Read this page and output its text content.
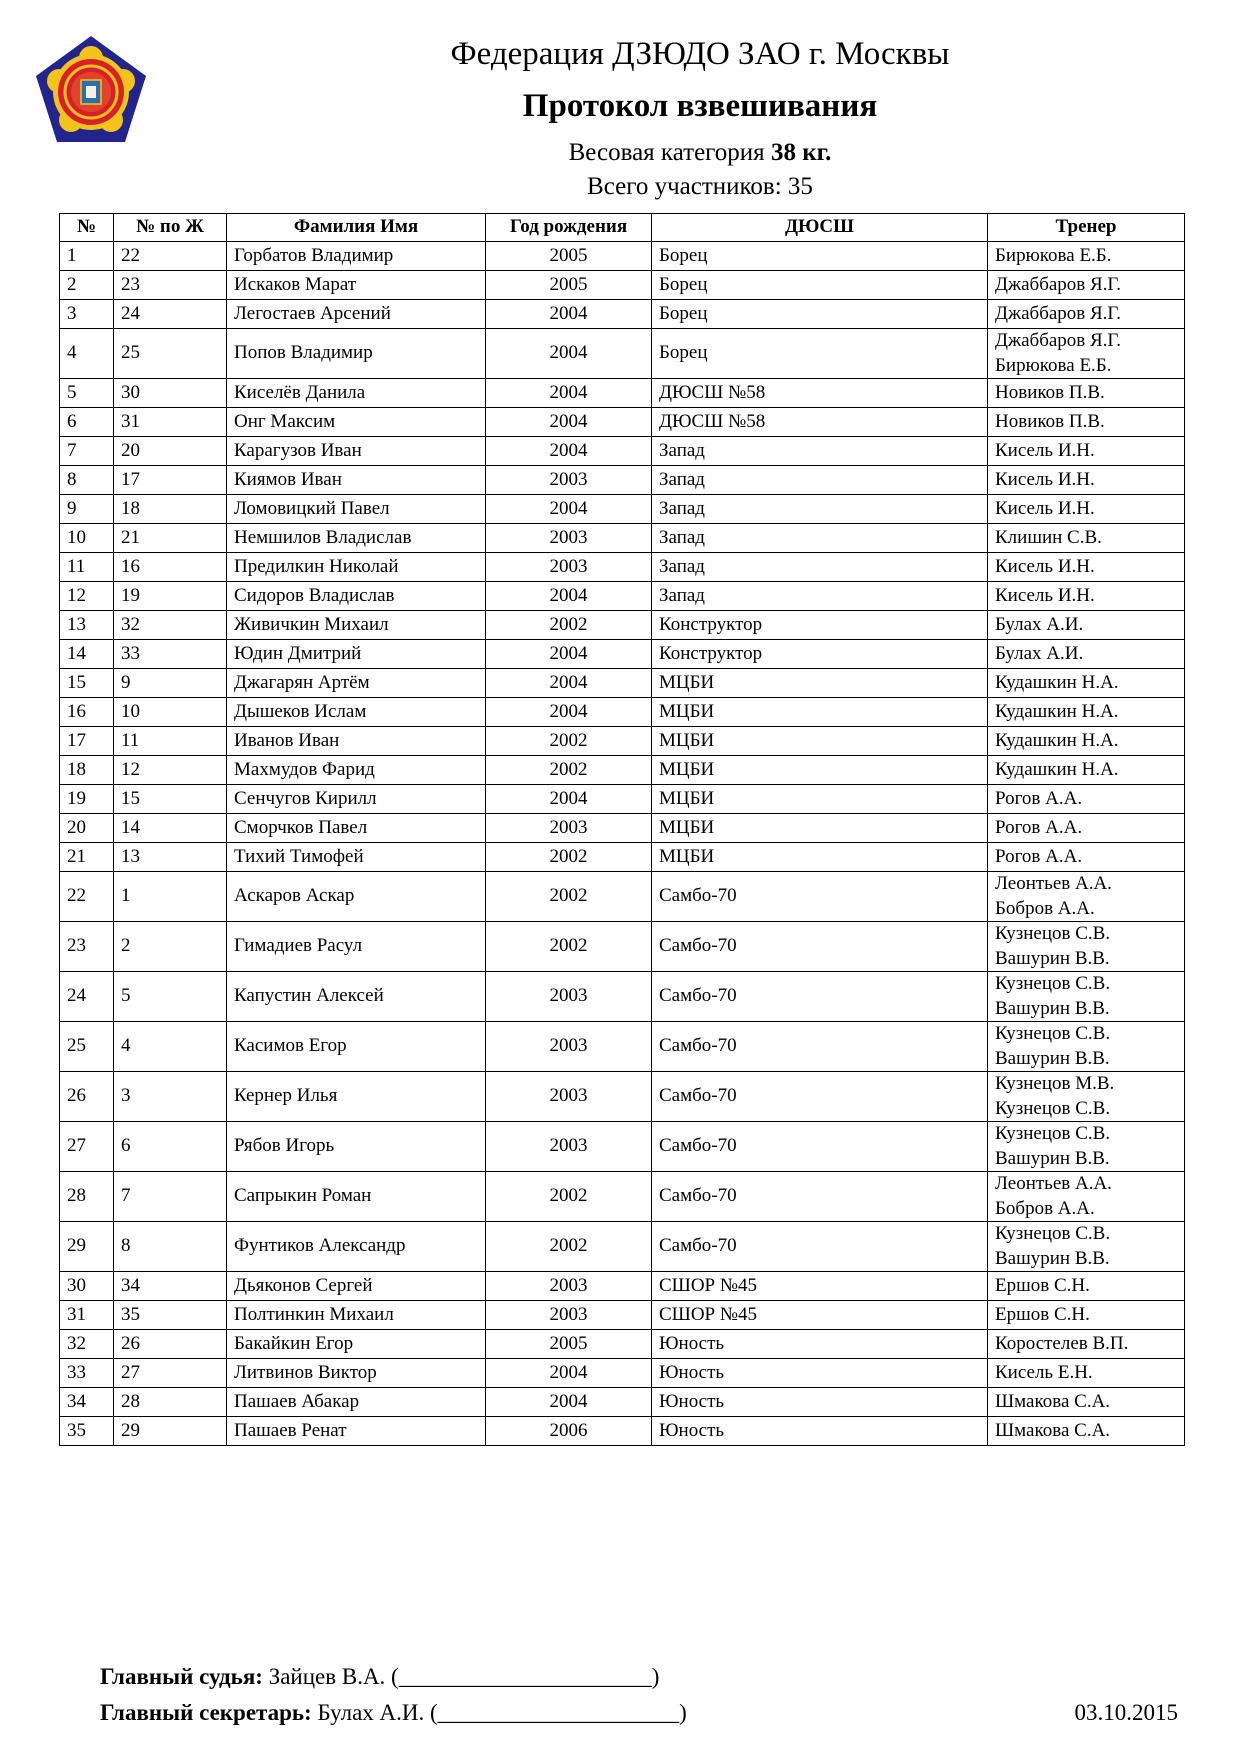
Федерация ДЗЮДО ЗАО г. Москвы
Протокол взвешивания
Весовая категория 38 кг.
Всего участников: 35
№	№ по Ж	Фамилия Имя	Год рождения	ДЮСШ	Тренер
1	22	Горбатов Владимир	2005	Борец	Бирюкова Е.Б.
2	23	Искаков Марат	2005	Борец	Джаббаров Я.Г.
3	24	Легостаев Арсений	2004	Борец	Джаббаров Я.Г.
4	25	Попов Владимир	2004	Борец	Джаббаров Я.Г.
Бирюкова Е.Б.
5	30	Киселёв Данила	2004	ДЮСШ №58	Новиков П.В.
6	31	Онг Максим	2004	ДЮСШ №58	Новиков П.В.
7	20	Карагузов Иван	2004	Запад	Кисель И.Н.
8	17	Киямов Иван	2003	Запад	Кисель И.Н.
9	18	Ломовицкий Павел	2004	Запад	Кисель И.Н.
10	21	Немшилов Владислав	2003	Запад	Клишин С.В.
11	16	Предилкин Николай	2003	Запад	Кисель И.Н.
12	19	Сидоров Владислав	2004	Запад	Кисель И.Н.
13	32	Живичкин Михаил	2002	Конструктор	Булах А.И.
14	33	Юдин Дмитрий	2004	Конструктор	Булах А.И.
15	9	Джагарян Артём	2004	МЦБИ	Кудашкин Н.А.
16	10	Дышеков Ислам	2004	МЦБИ	Кудашкин Н.А.
17	11	Иванов Иван	2002	МЦБИ	Кудашкин Н.А.
18	12	Махмудов Фарид	2002	МЦБИ	Кудашкин Н.А.
19	15	Сенчугов Кирилл	2004	МЦБИ	Рогов А.А.
20	14	Сморчков Павел	2003	МЦБИ	Рогов А.А.
21	13	Тихий Тимофей	2002	МЦБИ	Рогов А.А.
22	1	Аскаров Аскар	2002	Самбо-70	Леонтьев А.А.
Бобров А.А.
23	2	Гимадиев Расул	2002	Самбо-70	Кузнецов С.В.
Вашурин В.В.
24	5	Капустин Алексей	2003	Самбо-70	Кузнецов С.В.
Вашурин В.В.
25	4	Касимов Егор	2003	Самбо-70	Кузнецов С.В.
Вашурин В.В.
26	3	Кернер Илья	2003	Самбо-70	Кузнецов М.В.
Кузнецов С.В.
27	6	Рябов Игорь	2003	Самбо-70	Кузнецов С.В.
Вашурин В.В.
28	7	Сапрыкин Роман	2002	Самбо-70	Леонтьев А.А.
Бобров А.А.
29	8	Фунтиков Александр	2002	Самбо-70	Кузнецов С.В.
Вашурин В.В.
30	34	Дьяконов Сергей	2003	СШОР №45	Ершов С.Н.
31	35	Полтинкин Михаил	2003	СШОР №45	Ершов С.Н.
32	26	Бакайкин Егор	2005	Юность	Коростелев В.П.
33	27	Литвинов Виктор	2004	Юность	Кисель Е.Н.
34	28	Пашаев Абакар	2004	Юность	Шмакова С.А.
35	29	Пашаев Ренат	2006	Юность	Шмакова С.А.
Главный судья: Зайцев В.А. (______________________)
Главный секретарь: Булах А.И. (_____________________)	03.10.2015
